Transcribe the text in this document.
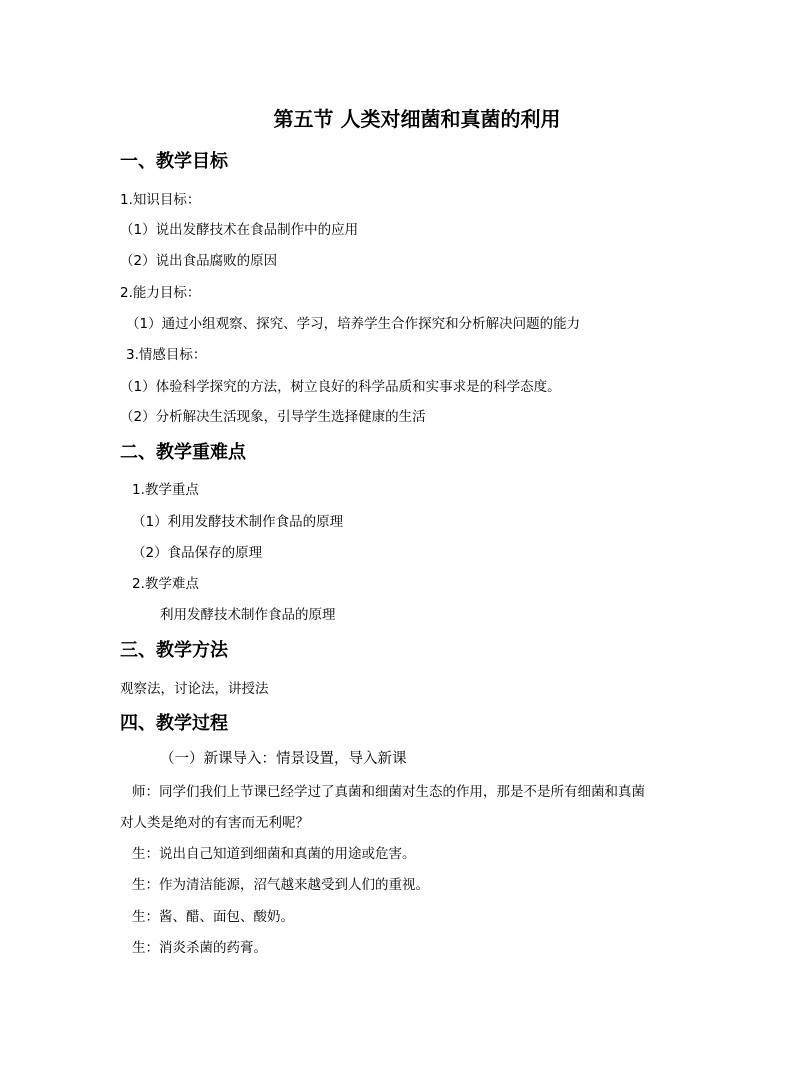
第五节 人类对细菌和真菌的利用
一、教学目标
1.知识目标：
（1）说出发酵技术在食品制作中的应用
（2）说出食品腐败的原因
2.能力目标：
（1）通过小组观察、探究、学习，培养学生合作探究和分析解决问题的能力
3.情感目标：
（1）体验科学探究的方法，树立良好的科学品质和实事求是的科学态度。
（2）分析解决生活现象，引导学生选择健康的生活
二、教学重难点
1.教学重点
（1）利用发酵技术制作食品的原理
（2）食品保存的原理
2.教学难点
利用发酵技术制作食品的原理
三、教学方法
观察法，讨论法，讲授法
四、教学过程
（一）新课导入：情景设置，导入新课
师：同学们我们上节课已经学过了真菌和细菌对生态的作用，那是不是所有细菌和真菌
对人类是绝对的有害而无利呢？
生：说出自己知道到细菌和真菌的用途或危害。
生：作为清洁能源，沼气越来越受到人们的重视。
生：酱、醋、面包、酸奶。
生：消炎杀菌的药膏。
